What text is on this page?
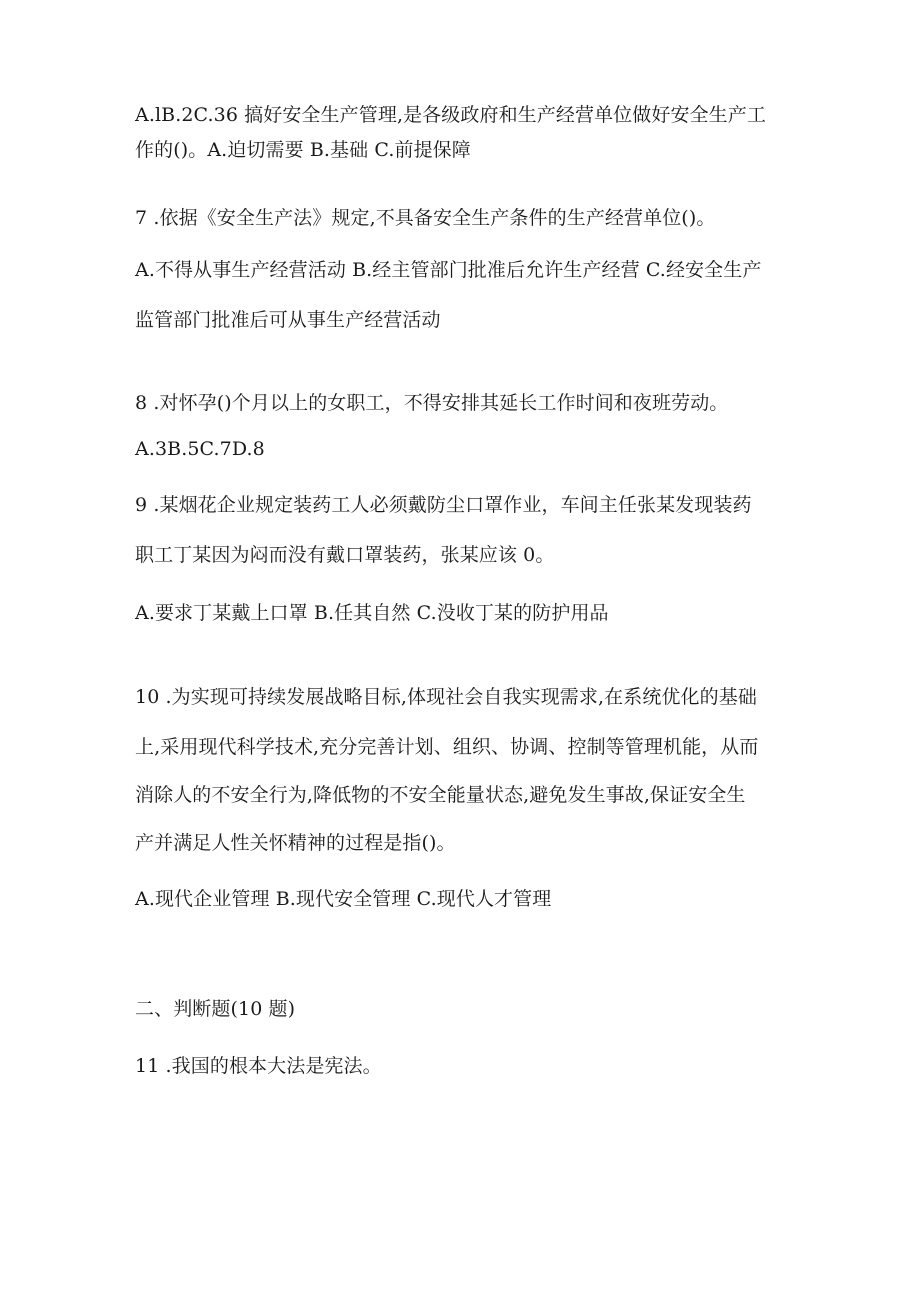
A.lB.2C.36 搞好安全生产管理,是各级政府和生产经营单位做好安全生产工
作的()。A.迫切需要 B.基础 C.前提保障
7 .依据《安全生产法》规定,不具备安全生产条件的生产经营单位()。
A.不得从事生产经营活动 B.经主管部门批准后允许生产经营 C.经安全生产
监管部门批准后可从事生产经营活动
8 .对怀孕()个月以上的女职工，不得安排其延长工作时间和夜班劳动。
A.3B.5C.7D.8
9 .某烟花企业规定装药工人必须戴防尘口罩作业，车间主任张某发现装药
职工丁某因为闷而没有戴口罩装药，张某应该 0。
A.要求丁某戴上口罩 B.任其自然 C.没收丁某的防护用品
10 .为实现可持续发展战略目标,体现社会自我实现需求,在系统优化的基础
上,采用现代科学技术,充分完善计划、组织、协调、控制等管理机能，从而
消除人的不安全行为,降低物的不安全能量状态,避免发生事故,保证安全生
产并满足人性关怀精神的过程是指()。
A.现代企业管理 B.现代安全管理 C.现代人才管理
二、判断题(10 题)
11 .我国的根本大法是宪法。
